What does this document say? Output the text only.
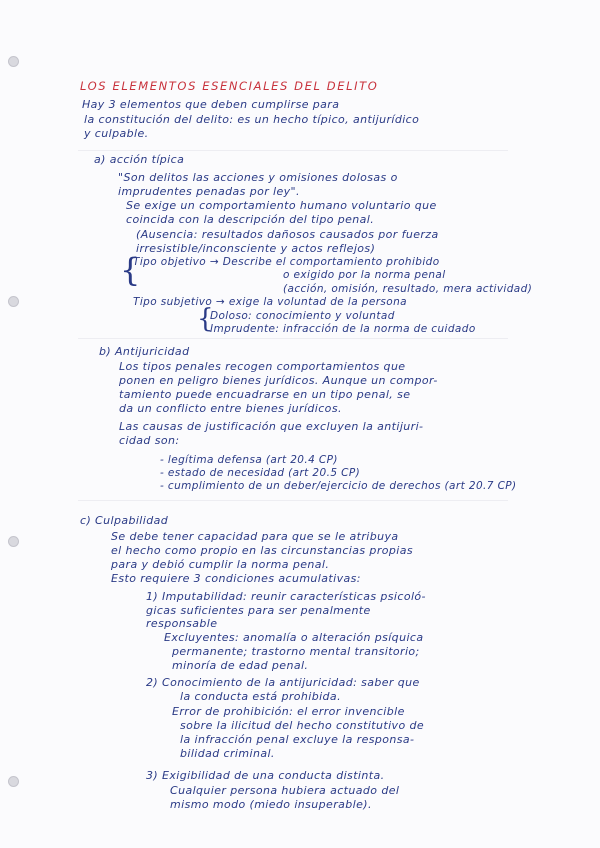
LOS ELEMENTOS ESENCIALES DEL DELITO
Hay 3 elementos que deben cumplirse para
la constitución del delito: es un hecho típico, antijurídico
y culpable.
a) acción típica
"Son delitos las acciones y omisiones dolosas o
imprudentes penadas por ley".
Se exige un comportamiento humano voluntario que
coincida con la descripción del tipo penal.
(Ausencia: resultados dañosos causados por fuerza
irresistible/inconsciente y actos reflejos)
{
Tipo objetivo → Describe el comportamiento prohibido
o exigido por la norma penal
(acción, omisión, resultado, mera actividad)
Tipo subjetivo → exige la voluntad de la persona
{
Doloso: conocimiento y voluntad
Imprudente: infracción de la norma de cuidado
b) Antijuricidad
Los tipos penales recogen comportamientos que
ponen en peligro bienes jurídicos. Aunque un compor-
tamiento puede encuadrarse en un tipo penal, se
da un conflicto entre bienes jurídicos.
Las causas de justificación que excluyen la antijuri-
cidad son:
- legítima defensa (art 20.4 CP)
- estado de necesidad (art 20.5 CP)
- cumplimiento de un deber/ejercicio de derechos (art 20.7 CP)
c) Culpabilidad
Se debe tener capacidad para que se le atribuya
el hecho como propio en las circunstancias propias
para y debió cumplir la norma penal.
Esto requiere 3 condiciones acumulativas:
1) Imputabilidad: reunir características psicoló-
gicas suficientes para ser penalmente
responsable
Excluyentes: anomalía o alteración psíquica
permanente; trastorno mental transitorio;
minoría de edad penal.
2) Conocimiento de la antijuricidad: saber que
la conducta está prohibida.
Error de prohibición: el error invencible
sobre la ilicitud del hecho constitutivo de
la infracción penal excluye la responsa-
bilidad criminal.
3) Exigibilidad de una conducta distinta.
Cualquier persona hubiera actuado del
mismo modo (miedo insuperable).
